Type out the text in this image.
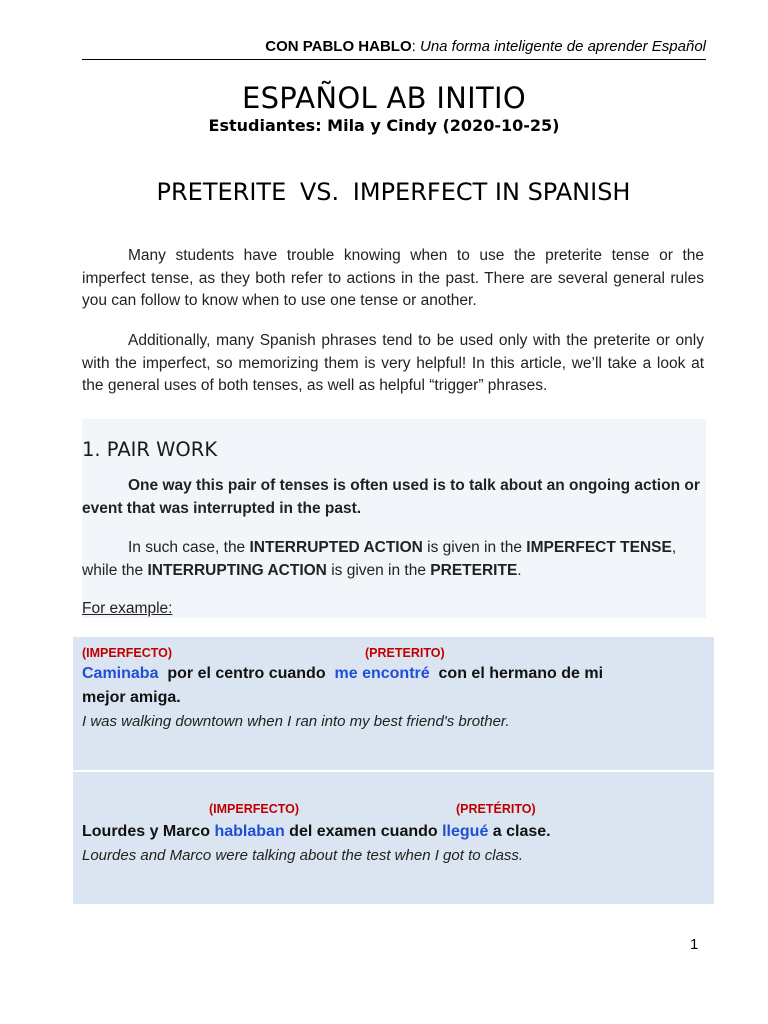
CON PABLO HABLO: Una forma inteligente de aprender Español
ESPAÑOL AB INITIO
Estudiantes: Mila y Cindy (2020-10-25)
PRETERITE VS. IMPERFECT IN SPANISH
Many students have trouble knowing when to use the preterite tense or the imperfect tense, as they both refer to actions in the past. There are several general rules you can follow to know when to use one tense or another.
Additionally, many Spanish phrases tend to be used only with the preterite or only with the imperfect, so memorizing them is very helpful! In this article, we’ll take a look at the general uses of both tenses, as well as helpful “trigger” phrases.
1. PAIR WORK
One way this pair of tenses is often used is to talk about an ongoing action or event that was interrupted in the past.
In such case, the INTERRUPTED ACTION is given in the IMPERFECT TENSE, while the INTERRUPTING ACTION is given in the PRETERITE.
For example:
(IMPERFECTO)	(PRETERITO)
Caminaba  por el centro cuando  me encontré  con el hermano de mi
mejor amiga.
I was walking downtown when I ran into my best friend's brother.
(IMPERFECTO)	(PRETÉRITO)
Lourdes y Marco hablaban del examen cuando llegué a clase.
Lourdes and Marco were talking about the test when I got to class.
1
